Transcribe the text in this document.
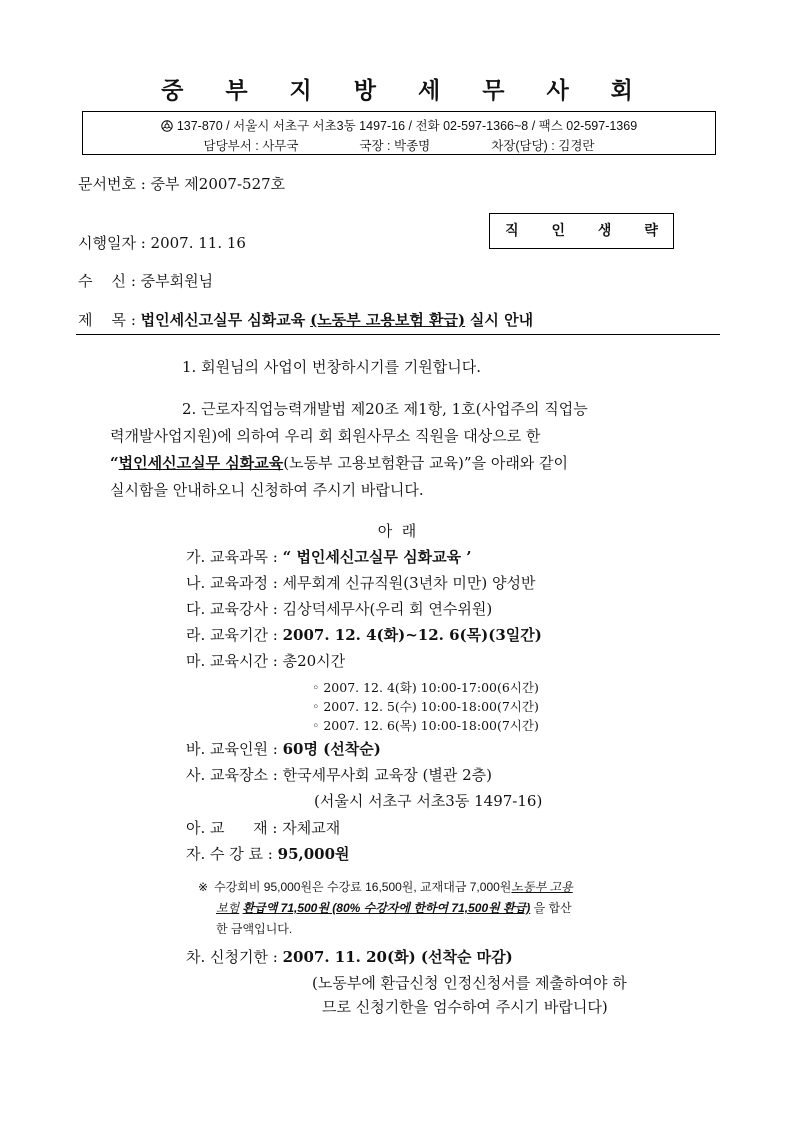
중 부 지 방 세 무 사 회
137-870 / 서울시 서초구 서초3동 1497-16 / 전화 02-597-1366~8 / 팩스 02-597-1369
담당부서 : 사무국	국장 : 박종명	차장(담당) : 김경란
문서번호 : 중부 제2007-527호
시행일자 : 2007. 11. 16
직 인 생 략
수    신 : 중부회원님
제    목 : 법인세신고실무 심화교육 (노동부 고용보험 환급) 실시 안내
1. 회원님의 사업이 번창하시기를 기원합니다.
2. 근로자직업능력개발법 제20조 제1항, 1호(사업주의 직업능
력개발사업지원)에 의하여 우리 회 회원사무소 직원을 대상으로 한
“법인세신고실무 심화교육(노동부 고용보험환급 교육)”을 아래와 같이
실시함을 안내하오니 신청하여 주시기 바랍니다.
아  래
가. 교육과목 : “ 법인세신고실무 심화교육 ’
나. 교육과정 : 세무회계 신규직원(3년차 미만) 양성반
다. 교육강사 : 김상덕세무사(우리 회 연수위원)
라. 교육기간 : 2007. 12. 4(화)~12. 6(목)(3일간)
마. 교육시간 : 총20시간
◦ 2007. 12. 4(화) 10:00-17:00(6시간)
◦ 2007. 12. 5(수) 10:00-18:00(7시간)
◦ 2007. 12. 6(목) 10:00-18:00(7시간)
바. 교육인원 : 60명 (선착순)
사. 교육장소 : 한국세무사회 교육장 (별관 2층)
(서울시 서초구 서초3동 1497-16)
아. 교      재 : 자체교재
자. 수 강 료 : 95,000원
※ 수강회비 95,000원은 수강료 16,500원, 교재대금 7,000원노동부 고용
보험 환급액 71,500원 (80% 수강자에 한하여 71,500원 환급) 을 합산
한 금액입니다.
차. 신청기한 : 2007. 11. 20(화) (선착순 마감)
(노동부에 환급신청 인정신청서를 제출하여야 하
므로 신청기한을 엄수하여 주시기 바랍니다)
